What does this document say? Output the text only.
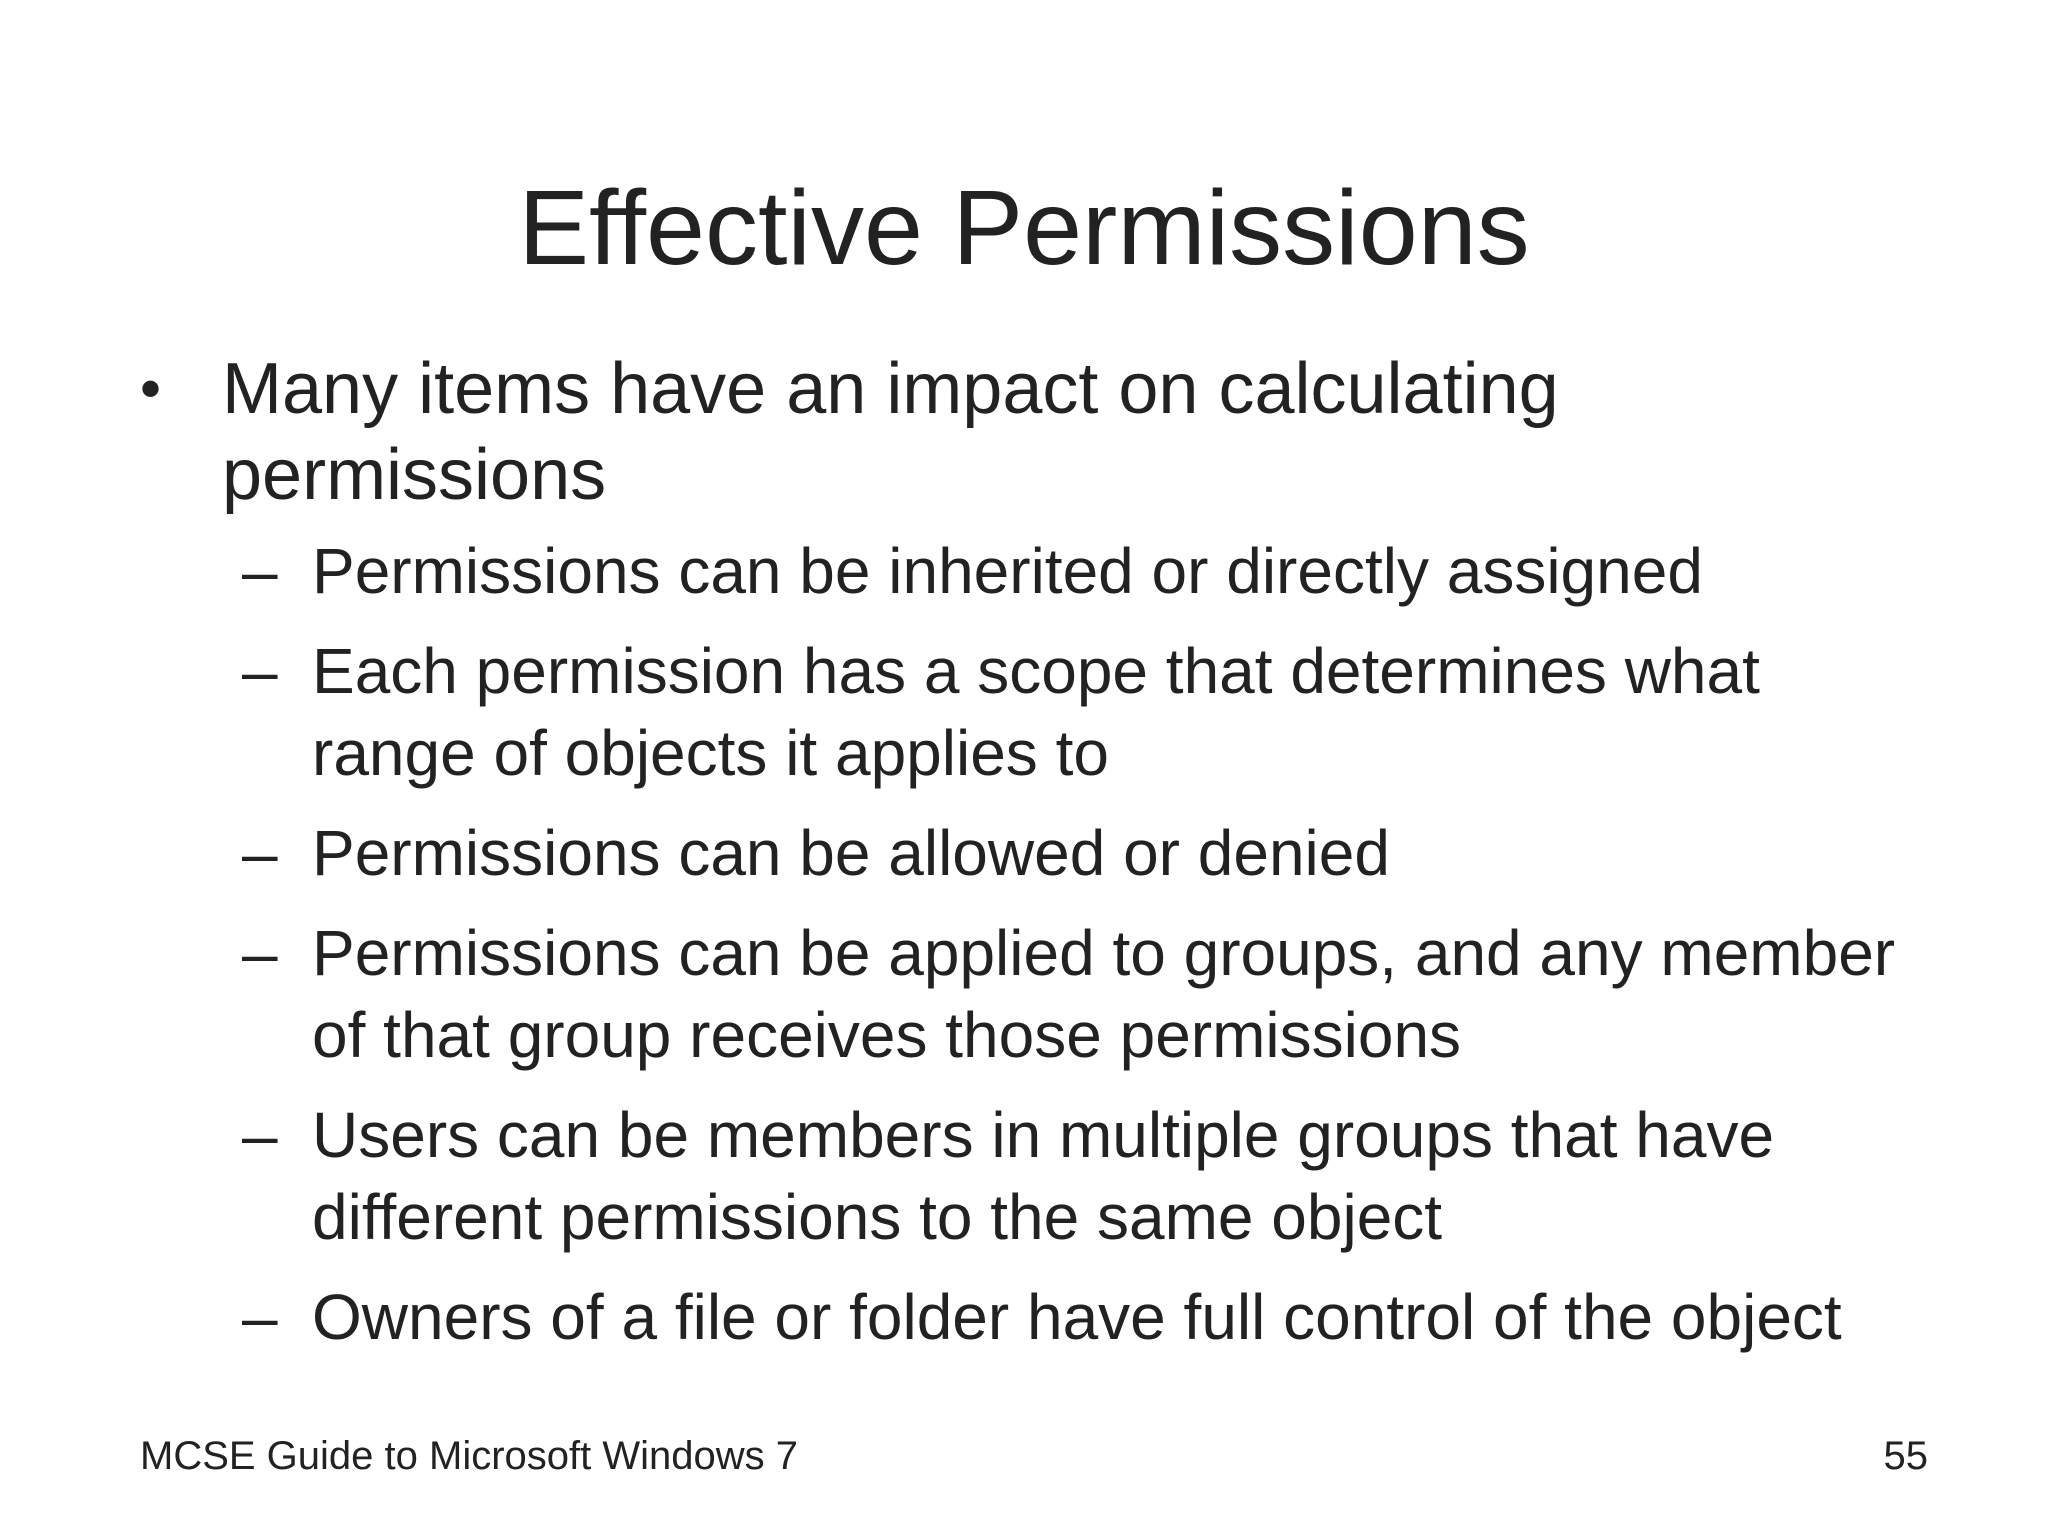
Effective Permissions
• Many items have an impact on calculating permissions
– Permissions can be inherited or directly assigned
– Each permission has a scope that determines what range of objects it applies to
– Permissions can be allowed or denied
– Permissions can be applied to groups, and any member of that group receives those permissions
– Users can be members in multiple groups that have different permissions to the same object
– Owners of a file or folder have full control of the object
MCSE Guide to Microsoft Windows 7	55
